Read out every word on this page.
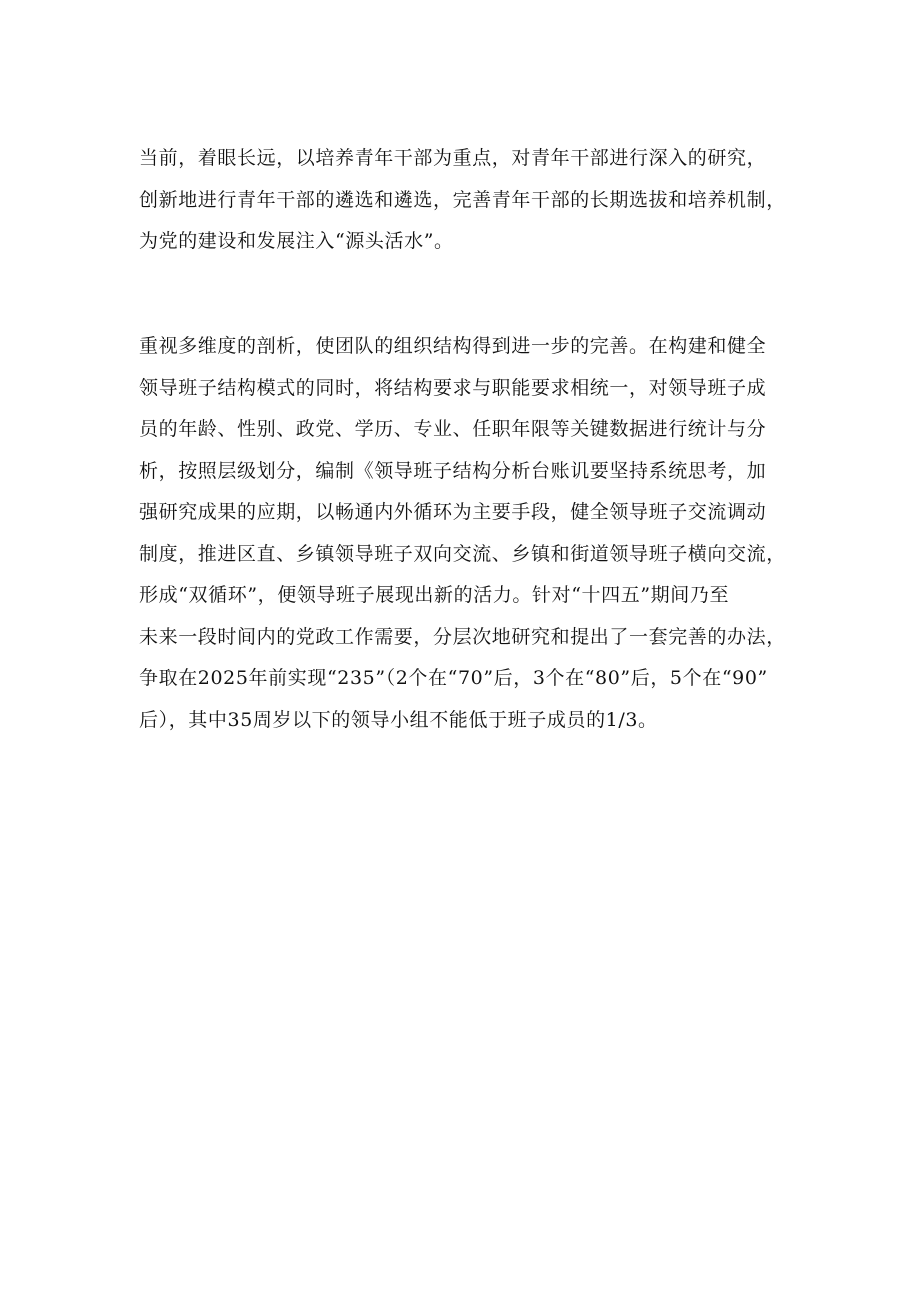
当前，着眼长远，以培养青年干部为重点，对青年干部进行深入的研究，
创新地进行青年干部的遴选和遴选，完善青年干部的长期选拔和培养机制，
为党的建设和发展注入“源头活水”。

重视多维度的剖析，使团队的组织结构得到进一步的完善。在构建和健全
领导班子结构模式的同时，将结构要求与职能要求相统一，对领导班子成
员的年龄、性别、政党、学历、专业、任职年限等关键数据进行统计与分
析，按照层级划分，编制《领导班子结构分析台账讥要坚持系统思考，加
强研究成果的应期，以畅通内外循环为主要手段，健全领导班子交流调动
制度，推进区直、乡镇领导班子双向交流、乡镇和街道领导班子横向交流，
形成“双循环”，便领导班子展现出新的活力。针对“十四五”期间乃至
未来一段时间内的党政工作需要，分层次地研究和提出了一套完善的办法，
争取在2025年前实现“235”（2个在“70”后，3个在“80”后，5个在“90”
后），其中35周岁以下的领导小组不能低于班子成员的1/3。
